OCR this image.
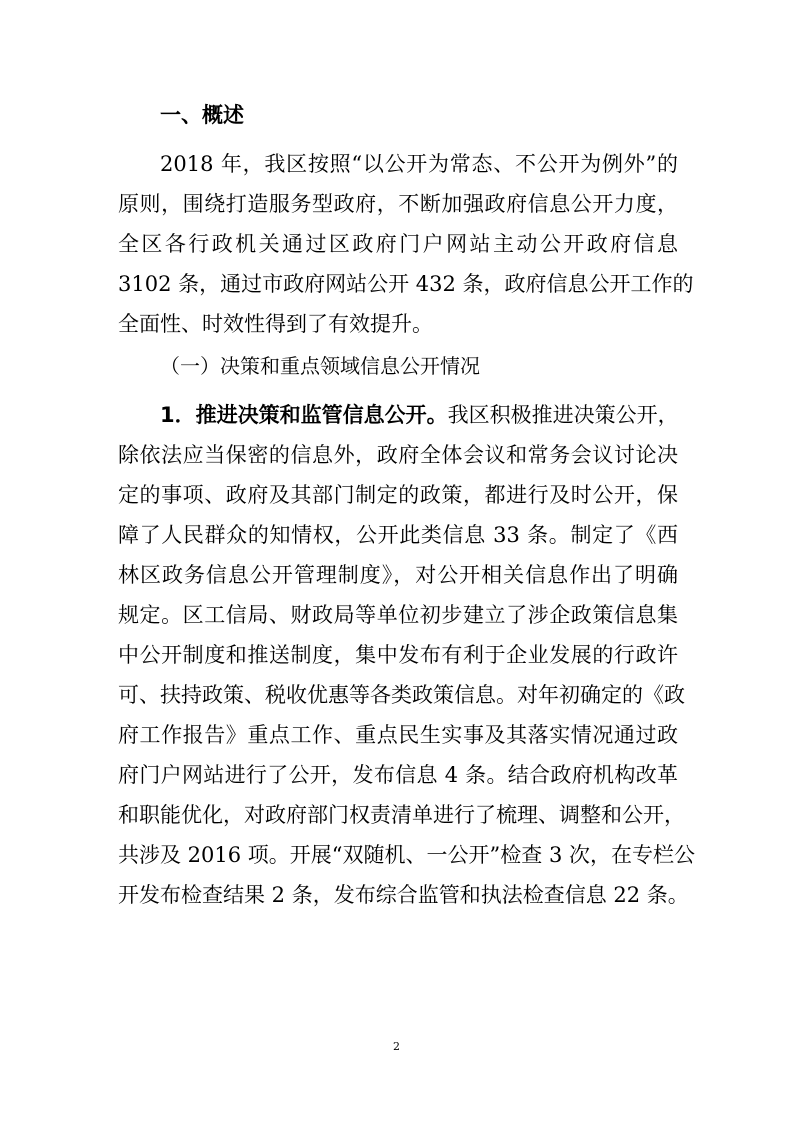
一、概述
2018 年，我区按照“以公开为常态、不公开为例外”的
原则，围绕打造服务型政府，不断加强政府信息公开力度，
全区各行政机关通过区政府门户网站主动公开政府信息
3102 条，通过市政府网站公开 432 条，政府信息公开工作的
全面性、时效性得到了有效提升。
（一）决策和重点领域信息公开情况
1．推进决策和监管信息公开。我区积极推进决策公开，
除依法应当保密的信息外，政府全体会议和常务会议讨论决
定的事项、政府及其部门制定的政策，都进行及时公开，保
障了人民群众的知情权，公开此类信息 33 条。制定了《西
林区政务信息公开管理制度》，对公开相关信息作出了明确
规定。区工信局、财政局等单位初步建立了涉企政策信息集
中公开制度和推送制度，集中发布有利于企业发展的行政许
可、扶持政策、税收优惠等各类政策信息。对年初确定的《政
府工作报告》重点工作、重点民生实事及其落实情况通过政
府门户网站进行了公开，发布信息 4 条。结合政府机构改革
和职能优化，对政府部门权责清单进行了梳理、调整和公开，
共涉及 2016 项。开展“双随机、一公开”检查 3 次，在专栏公
开发布检查结果 2 条，发布综合监管和执法检查信息 22 条。
2
